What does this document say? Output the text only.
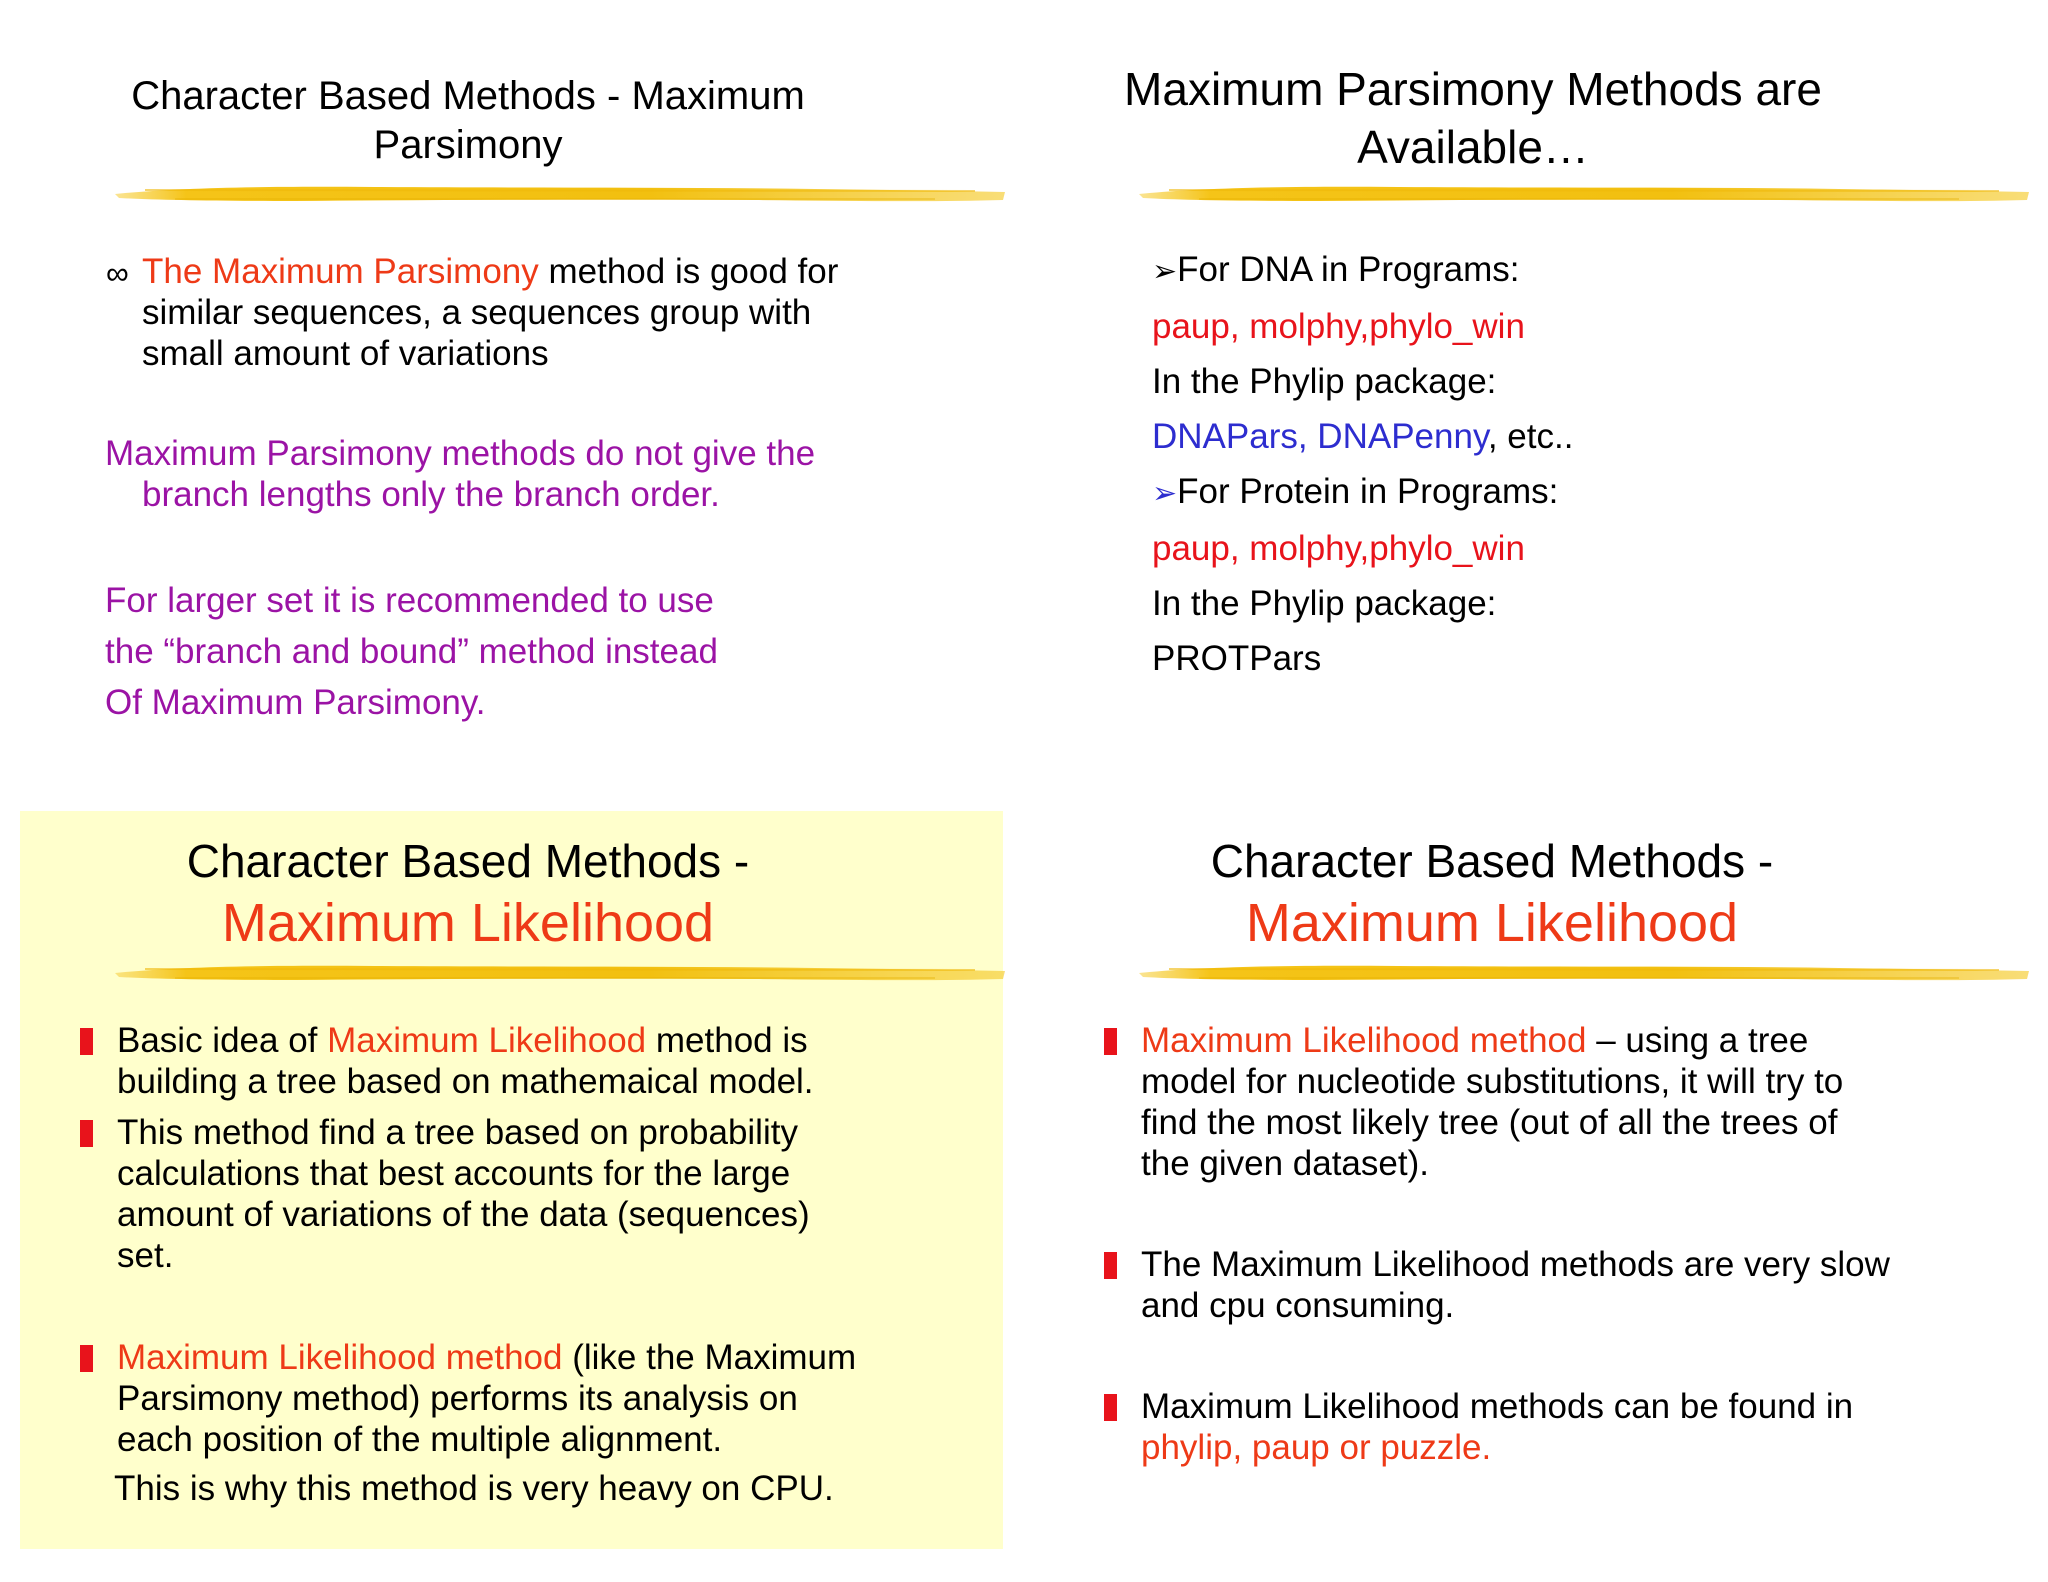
Character Based Methods - Maximum
Parsimony
∞ The Maximum Parsimony method is good for
similar sequences, a sequences group with
small amount of variations
Maximum Parsimony methods do not give the
branch lengths only the branch order.
For larger set it is recommended to use
the “branch and bound” method instead
Of Maximum Parsimony.
Maximum Parsimony Methods are
Available…
➢For DNA in Programs:
paup, molphy,phylo_win
In the Phylip package:
DNAPars, DNAPenny, etc..
➢For Protein in Programs:
paup, molphy,phylo_win
In the Phylip package:
PROTPars
Character Based Methods -
Maximum Likelihood
Basic idea of Maximum Likelihood method is
building a tree based on mathemaical model.
This method find a tree based on probability
calculations that best accounts for the large
amount of variations of the data (sequences)
set.
Maximum Likelihood method (like the Maximum
Parsimony method) performs its analysis on
each position of the multiple alignment.
This is why this method is very heavy on CPU.
Character Based Methods -
Maximum Likelihood
Maximum Likelihood method – using a tree
model for nucleotide substitutions, it will try to
find the most likely tree (out of all the trees of
the given dataset).
The Maximum Likelihood methods are very slow
and cpu consuming.
Maximum Likelihood methods can be found in
phylip, paup or puzzle.
